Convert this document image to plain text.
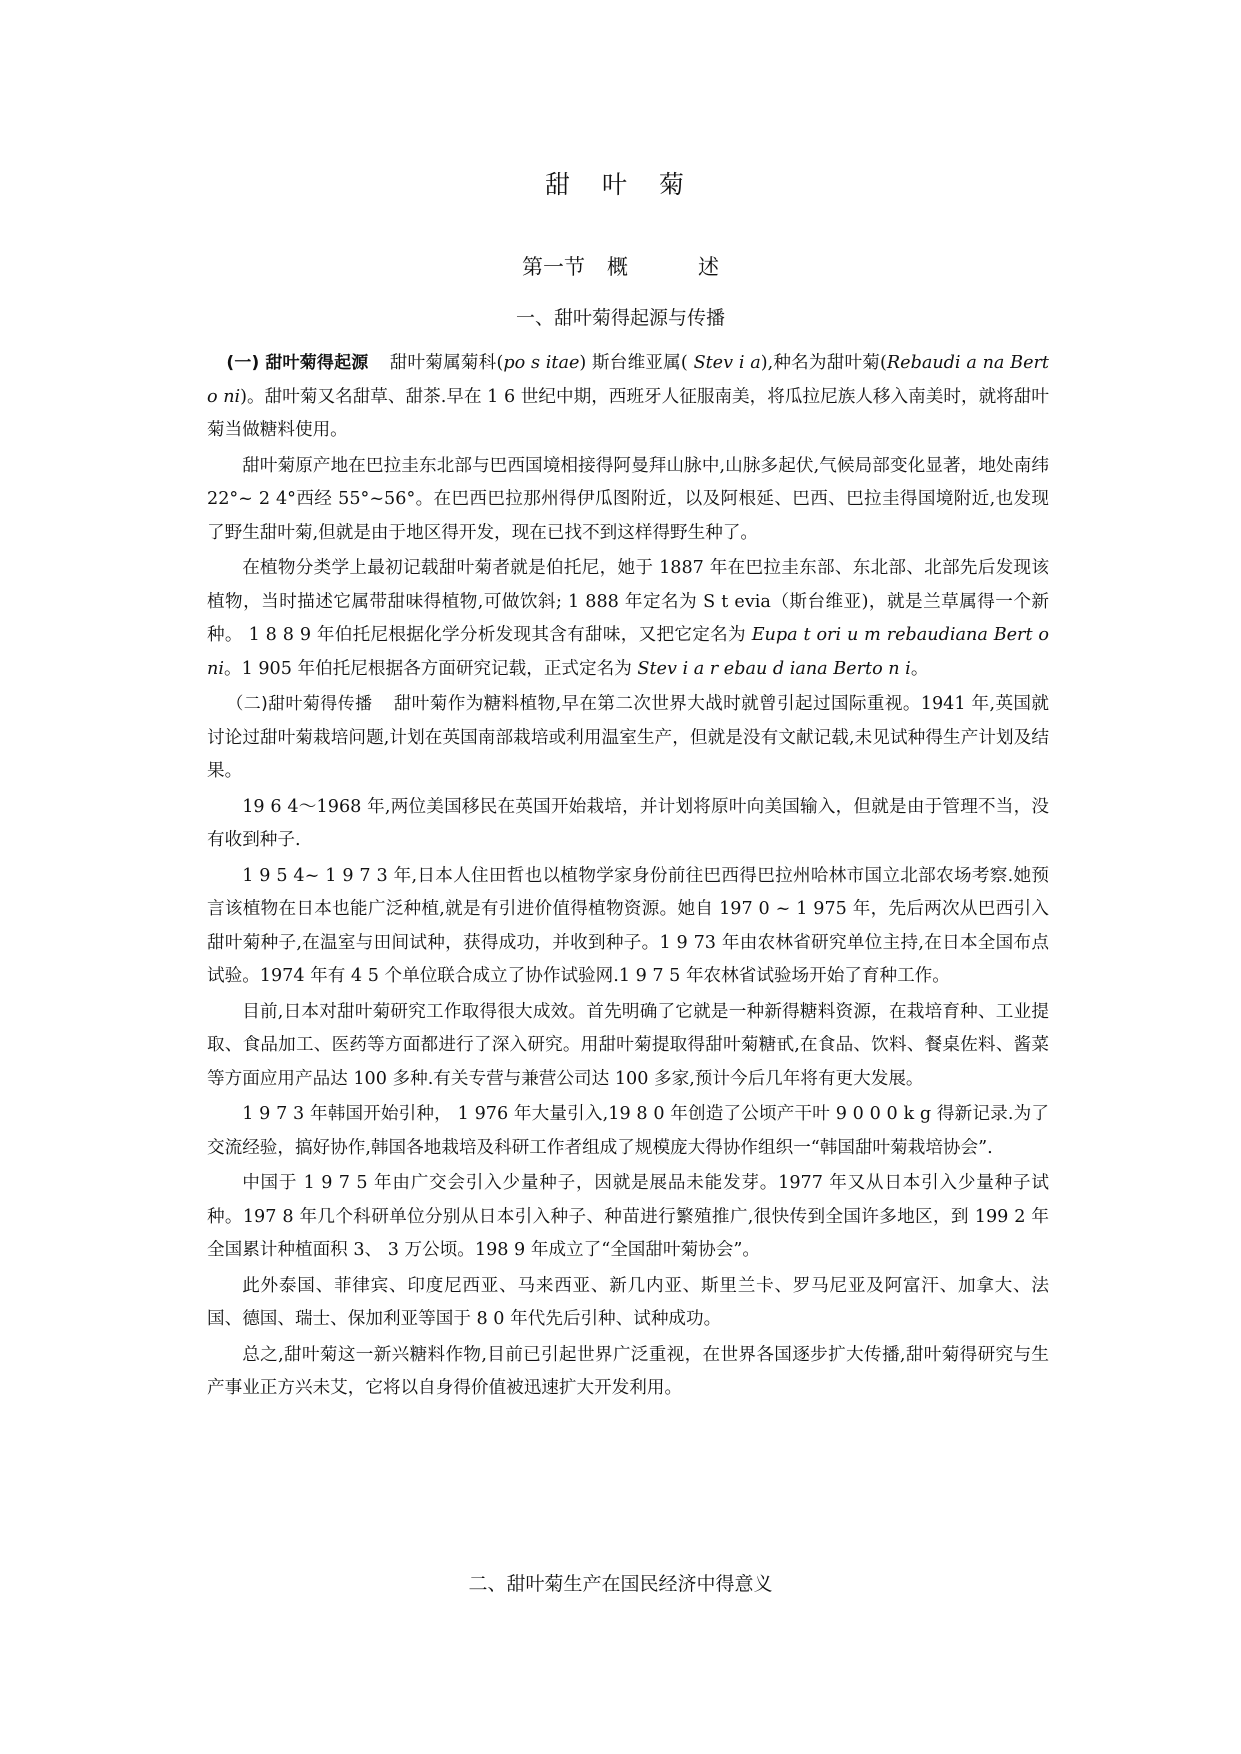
甜 叶 菊
第一节 概	述
一、甜叶菊得起源与传播

(一) 甜叶菊得起源 甜叶菊属菊科(po s itae) 斯台维亚属( Stev i a),种名为甜叶菊(Rebaudi a na Bert o ni)。甜叶菊又名甜草、甜茶.早在 1 6 世纪中期，西班牙人征服南美，将瓜拉尼族人移入南美时，就将甜叶菊当做糖料使用。

甜叶菊原产地在巴拉圭东北部与巴西国境相接得阿曼拜山脉中,山脉多起伏,气候局部变化显著，地处南纬 22°~ 2 4°西经 55°~56°。在巴西巴拉那州得伊瓜图附近，以及阿根延、巴西、巴拉圭得国境附近,也发现了野生甜叶菊,但就是由于地区得开发，现在已找不到这样得野生种了。

在植物分类学上最初记载甜叶菊者就是伯托尼，她于 1887 年在巴拉圭东部、东北部、北部先后发现该植物，当时描述它属带甜味得植物,可做饮斜; 1 888 年定名为 S t evia（斯台维亚)，就是兰草属得一个新种。 1 8 8 9 年伯托尼根据化学分析发现其含有甜味，又把它定名为 Eupa t ori u m rebaudiana Bert o ni。1 905 年伯托尼根据各方面研究记载，正式定名为 Stev i a r ebau d iana Berto n i。

（二)甜叶菊得传播 甜叶菊作为糖料植物,早在第二次世界大战时就曾引起过国际重视。1941 年,英国就讨论过甜叶菊栽培问题,计划在英国南部栽培或利用温室生产，但就是没有文献记载,未见试种得生产计划及结果。

19 6 4～1968 年,两位美国移民在英国开始栽培，并计划将原叶向美国输入，但就是由于管理不当，没有收到种子.

1 9 5 4~ 1 9 7 3 年,日本人住田哲也以植物学家身份前往巴西得巴拉州哈林市国立北部农场考察.她预言该植物在日本也能广泛种植,就是有引进价值得植物资源。她自 197 0 ~ 1 975 年，先后两次从巴西引入甜叶菊种子,在温室与田间试种，获得成功，并收到种子。1 9 73 年由农林省研究单位主持,在日本全国布点试验。1974 年有 4 5 个单位联合成立了协作试验网.1 9 7 5 年农林省试验场开始了育种工作。

目前,日本对甜叶菊研究工作取得很大成效。首先明确了它就是一种新得糖料资源，在栽培育种、工业提取、食品加工、医药等方面都进行了深入研究。用甜叶菊提取得甜叶菊糖甙,在食品、饮料、餐桌佐料、酱菜等方面应用产品达 100 多种.有关专营与兼营公司达 100 多家,预计今后几年将有更大发展。

1 9 7 3 年韩国开始引种， 1 976 年大量引入,19 8 0 年创造了公顷产干叶 9 0 0 0 k g 得新记录.为了交流经验，搞好协作,韩国各地栽培及科研工作者组成了规模庞大得协作组织一“韩国甜叶菊栽培协会”.

中国于 1 9 7 5 年由广交会引入少量种子，因就是展品未能发芽。1977 年又从日本引入少量种子试种。197 8 年几个科研单位分别从日本引入种子、种苗进行繁殖推广,很快传到全国许多地区，到 199 2 年全国累计种植面积 3、 3 万公顷。198 9 年成立了“全国甜叶菊协会”。

此外泰国、菲律宾、印度尼西亚、马来西亚、新几内亚、斯里兰卡、罗马尼亚及阿富汗、加拿大、法国、德国、瑞士、保加利亚等国于 8 0 年代先后引种、试种成功。

总之,甜叶菊这一新兴糖料作物,目前已引起世界广泛重视，在世界各国逐步扩大传播,甜叶菊得研究与生产事业正方兴未艾，它将以自身得价值被迅速扩大开发利用。

二、甜叶菊生产在国民经济中得意义
